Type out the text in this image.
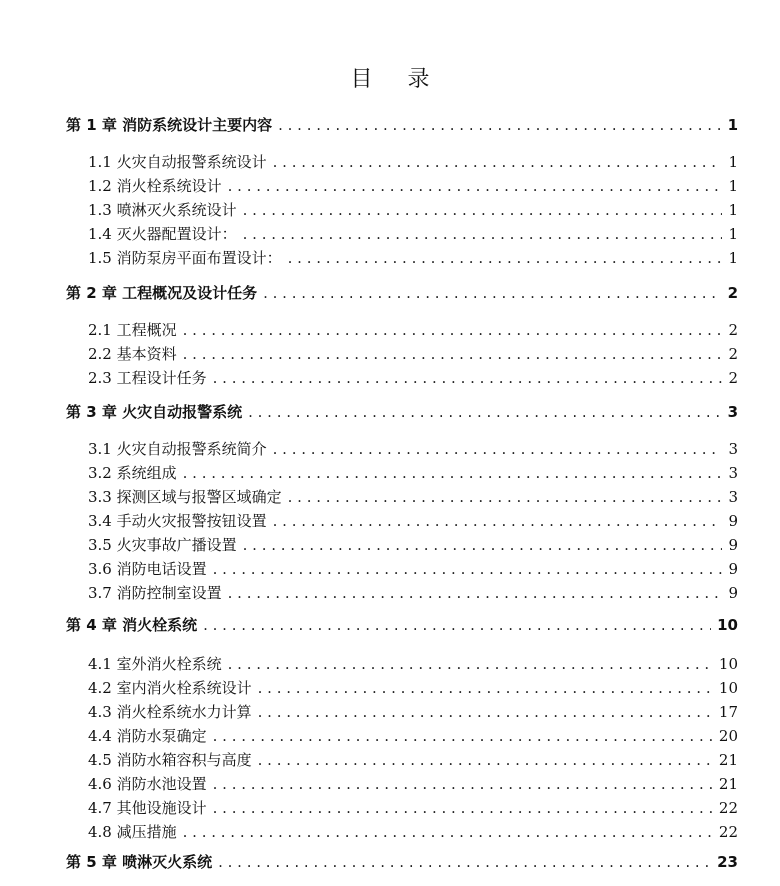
目 录
第 1 章 消防系统设计主要内容 . . .	1
1.1 火灾自动报警系统设计 . . .	1
1.2 消火栓系统设计 . . .	1
1.3 喷淋灭火系统设计 . . .	1
1.4 灭火器配置设计： . . .	1
1.5 消防泵房平面布置设计： . . .	1
第 2 章 工程概况及设计任务 . . .	2
2.1 工程概况 . . .	2
2.2 基本资料 . . .	2
2.3 工程设计任务 . . .	2
第 3 章 火灾自动报警系统 . . .	3
3.1 火灾自动报警系统简介 . . .	3
3.2 系统组成 . . .	3
3.3 探测区域与报警区域确定 . . .	3
3.4 手动火灾报警按钮设置 . . .	9
3.5 火灾事故广播设置 . . .	9
3.6 消防电话设置 . . .	9
3.7 消防控制室设置 . . .	9
第 4 章 消火栓系统 . . .	10
4.1 室外消火栓系统 . . .	10
4.2 室内消火栓系统设计 . . .	10
4.3 消火栓系统水力计算 . . .	17
4.4 消防水泵确定 . . .	20
4.5 消防水箱容积与高度 . . .	21
4.6 消防水池设置 . . .	21
4.7 其他设施设计 . . .	22
4.8 减压措施 . . .	22
第 5 章 喷淋灭火系统 . . .	23
